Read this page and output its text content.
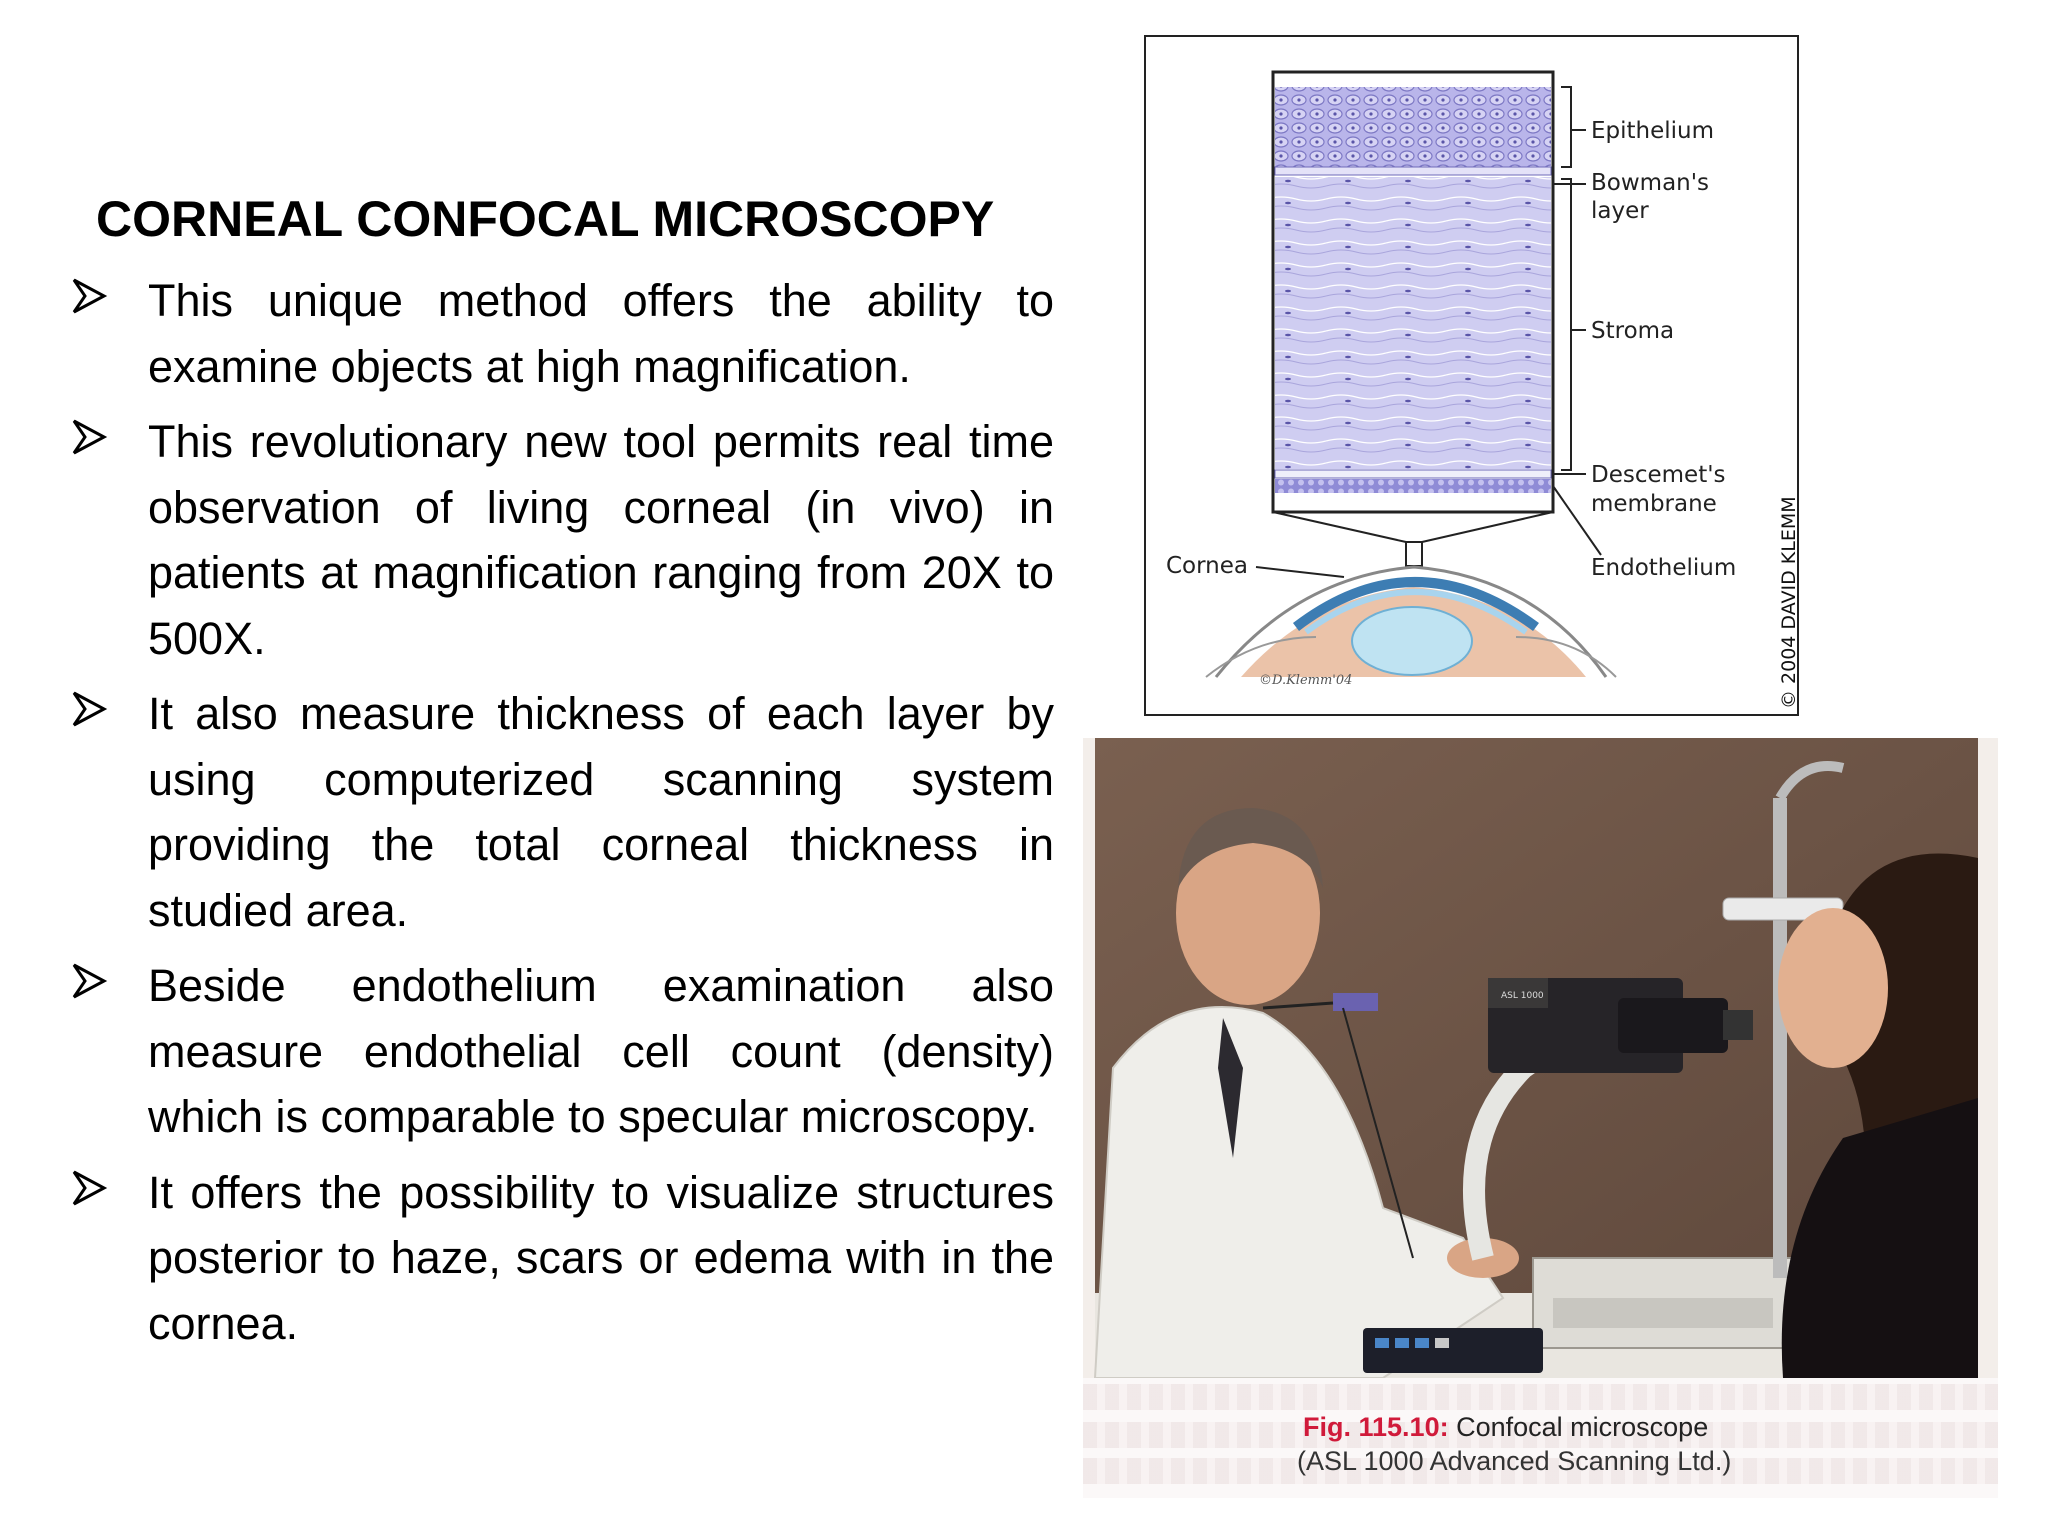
CORNEAL CONFOCAL MICROSCOPY
This unique method offers the ability to examine objects at high magnification.
This revolutionary new tool permits real time observation of living corneal (in vivo) in patients at magnification ranging from 20X to 500X.
It also measure thickness of each layer by using computerized scanning system providing the total corneal thickness in studied area.
Beside endothelium examination also measure endothelial cell count (density) which is comparable to specular microscopy.
It offers the possibility to visualize structures posterior to haze, scars or edema with in the cornea.
Epithelium
Bowman's
layer
Stroma
Descemet's
membrane
Endothelium
Cornea
©D.Klemm'04	© 2004 DAVID KLEMM
ASL 1000
Fig. 115.10: Confocal microscope
(ASL 1000 Advanced Scanning Ltd.)
